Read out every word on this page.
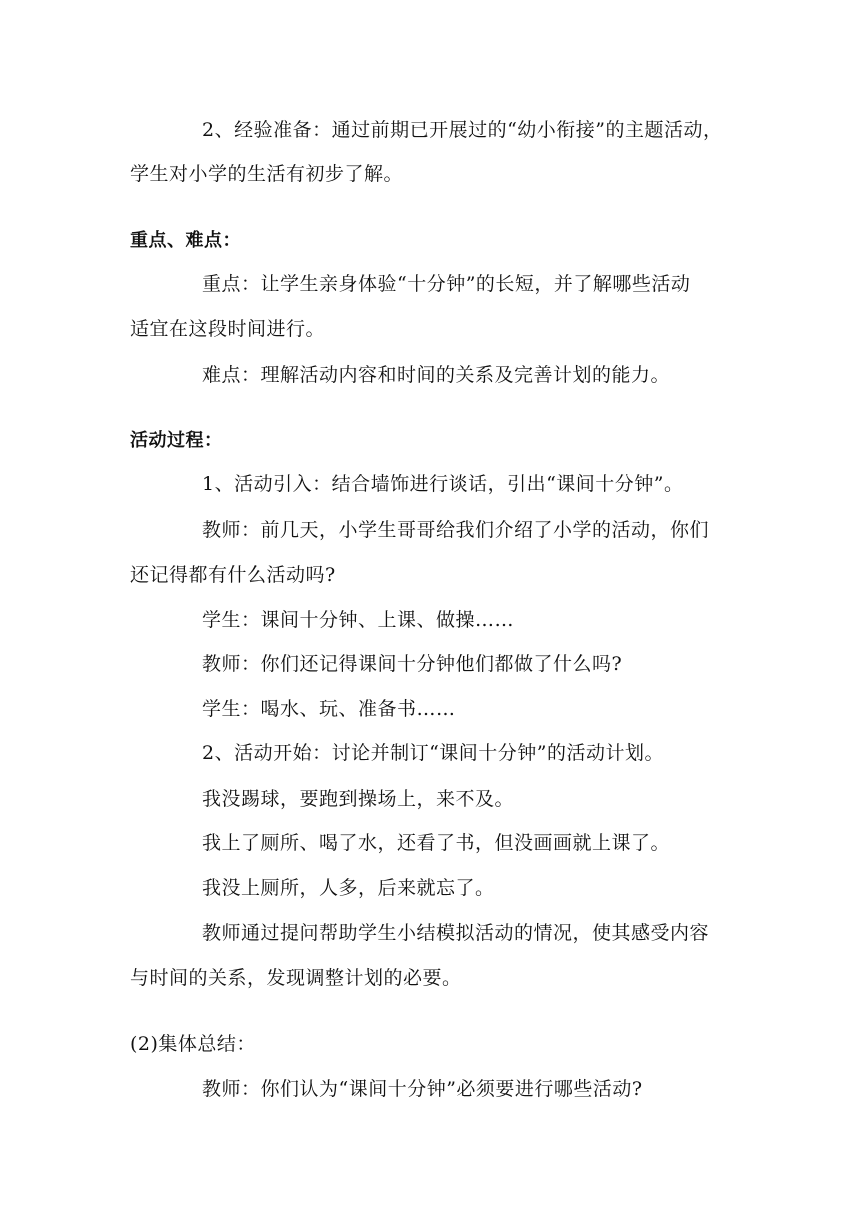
2、经验准备：通过前期已开展过的“幼小衔接”的主题活动，
学生对小学的生活有初步了解。
重点、难点：
重点：让学生亲身体验“十分钟”的长短，并了解哪些活动
适宜在这段时间进行。
难点：理解活动内容和时间的关系及完善计划的能力。
活动过程：
1、活动引入：结合墙饰进行谈话，引出“课间十分钟”。
教师：前几天，小学生哥哥给我们介绍了小学的活动，你们
还记得都有什么活动吗?
学生：课间十分钟、上课、做操……
教师：你们还记得课间十分钟他们都做了什么吗?
学生：喝水、玩、准备书……
2、活动开始：讨论并制订“课间十分钟”的活动计划。
我没踢球，要跑到操场上，来不及。
我上了厕所、喝了水，还看了书，但没画画就上课了。
我没上厕所，人多，后来就忘了。
教师通过提问帮助学生小结模拟活动的情况，使其感受内容
与时间的关系，发现调整计划的必要。
(2)集体总结：
教师：你们认为“课间十分钟”必须要进行哪些活动?
